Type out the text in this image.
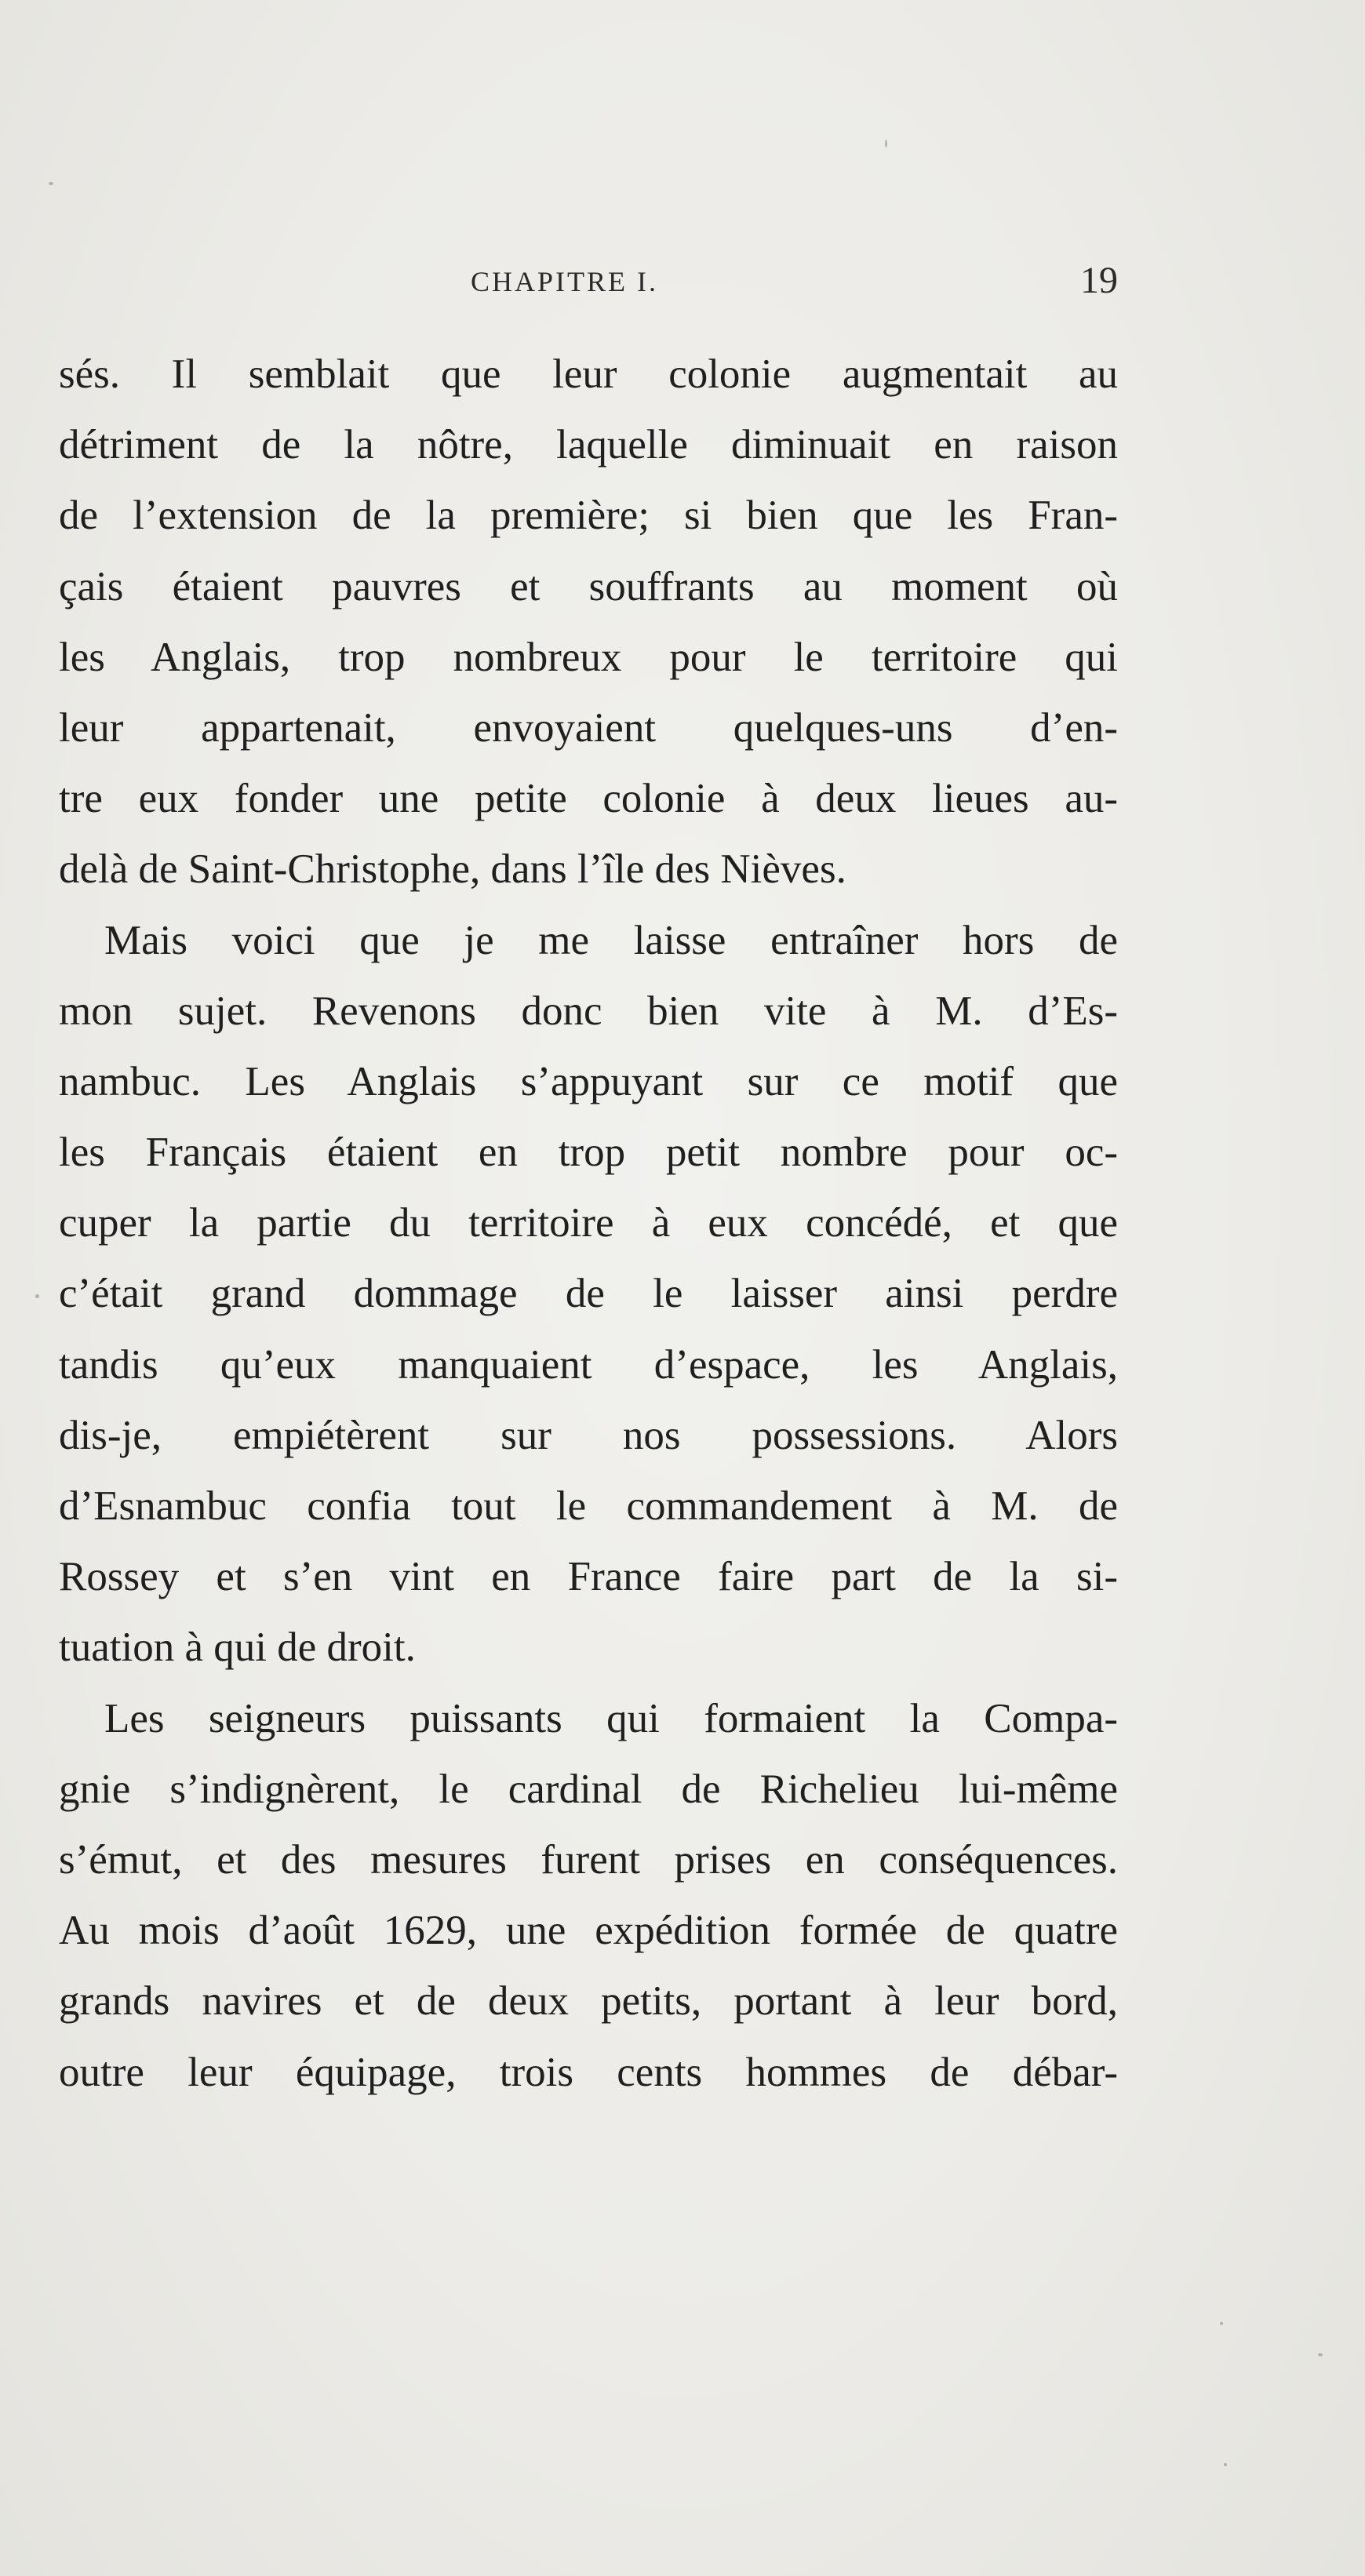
CHAPITRE I.	19
sés. Il semblait que leur colonie augmentait au
détriment de la nôtre, laquelle diminuait en raison
de l’extension de la première; si bien que les Fran-
çais étaient pauvres et souffrants au moment où
les Anglais, trop nombreux pour le territoire qui
leur appartenait, envoyaient quelques-uns d’en-
tre eux fonder une petite colonie à deux lieues au-
delà de Saint-Christophe, dans l’île des Nièves.
Mais voici que je me laisse entraîner hors de
mon sujet. Revenons donc bien vite à M. d’Es-
nambuc. Les Anglais s’appuyant sur ce motif que
les Français étaient en trop petit nombre pour oc-
cuper la partie du territoire à eux concédé, et que
c’était grand dommage de le laisser ainsi perdre
tandis qu’eux manquaient d’espace, les Anglais,
dis-je, empiétèrent sur nos possessions. Alors
d’Esnambuc confia tout le commandement à M. de
Rossey et s’en vint en France faire part de la si-
tuation à qui de droit.
Les seigneurs puissants qui formaient la Compa-
gnie s’indignèrent, le cardinal de Richelieu lui-même
s’émut, et des mesures furent prises en conséquences.
Au mois d’août 1629, une expédition formée de quatre
grands navires et de deux petits, portant à leur bord,
outre leur équipage, trois cents hommes de débar-
